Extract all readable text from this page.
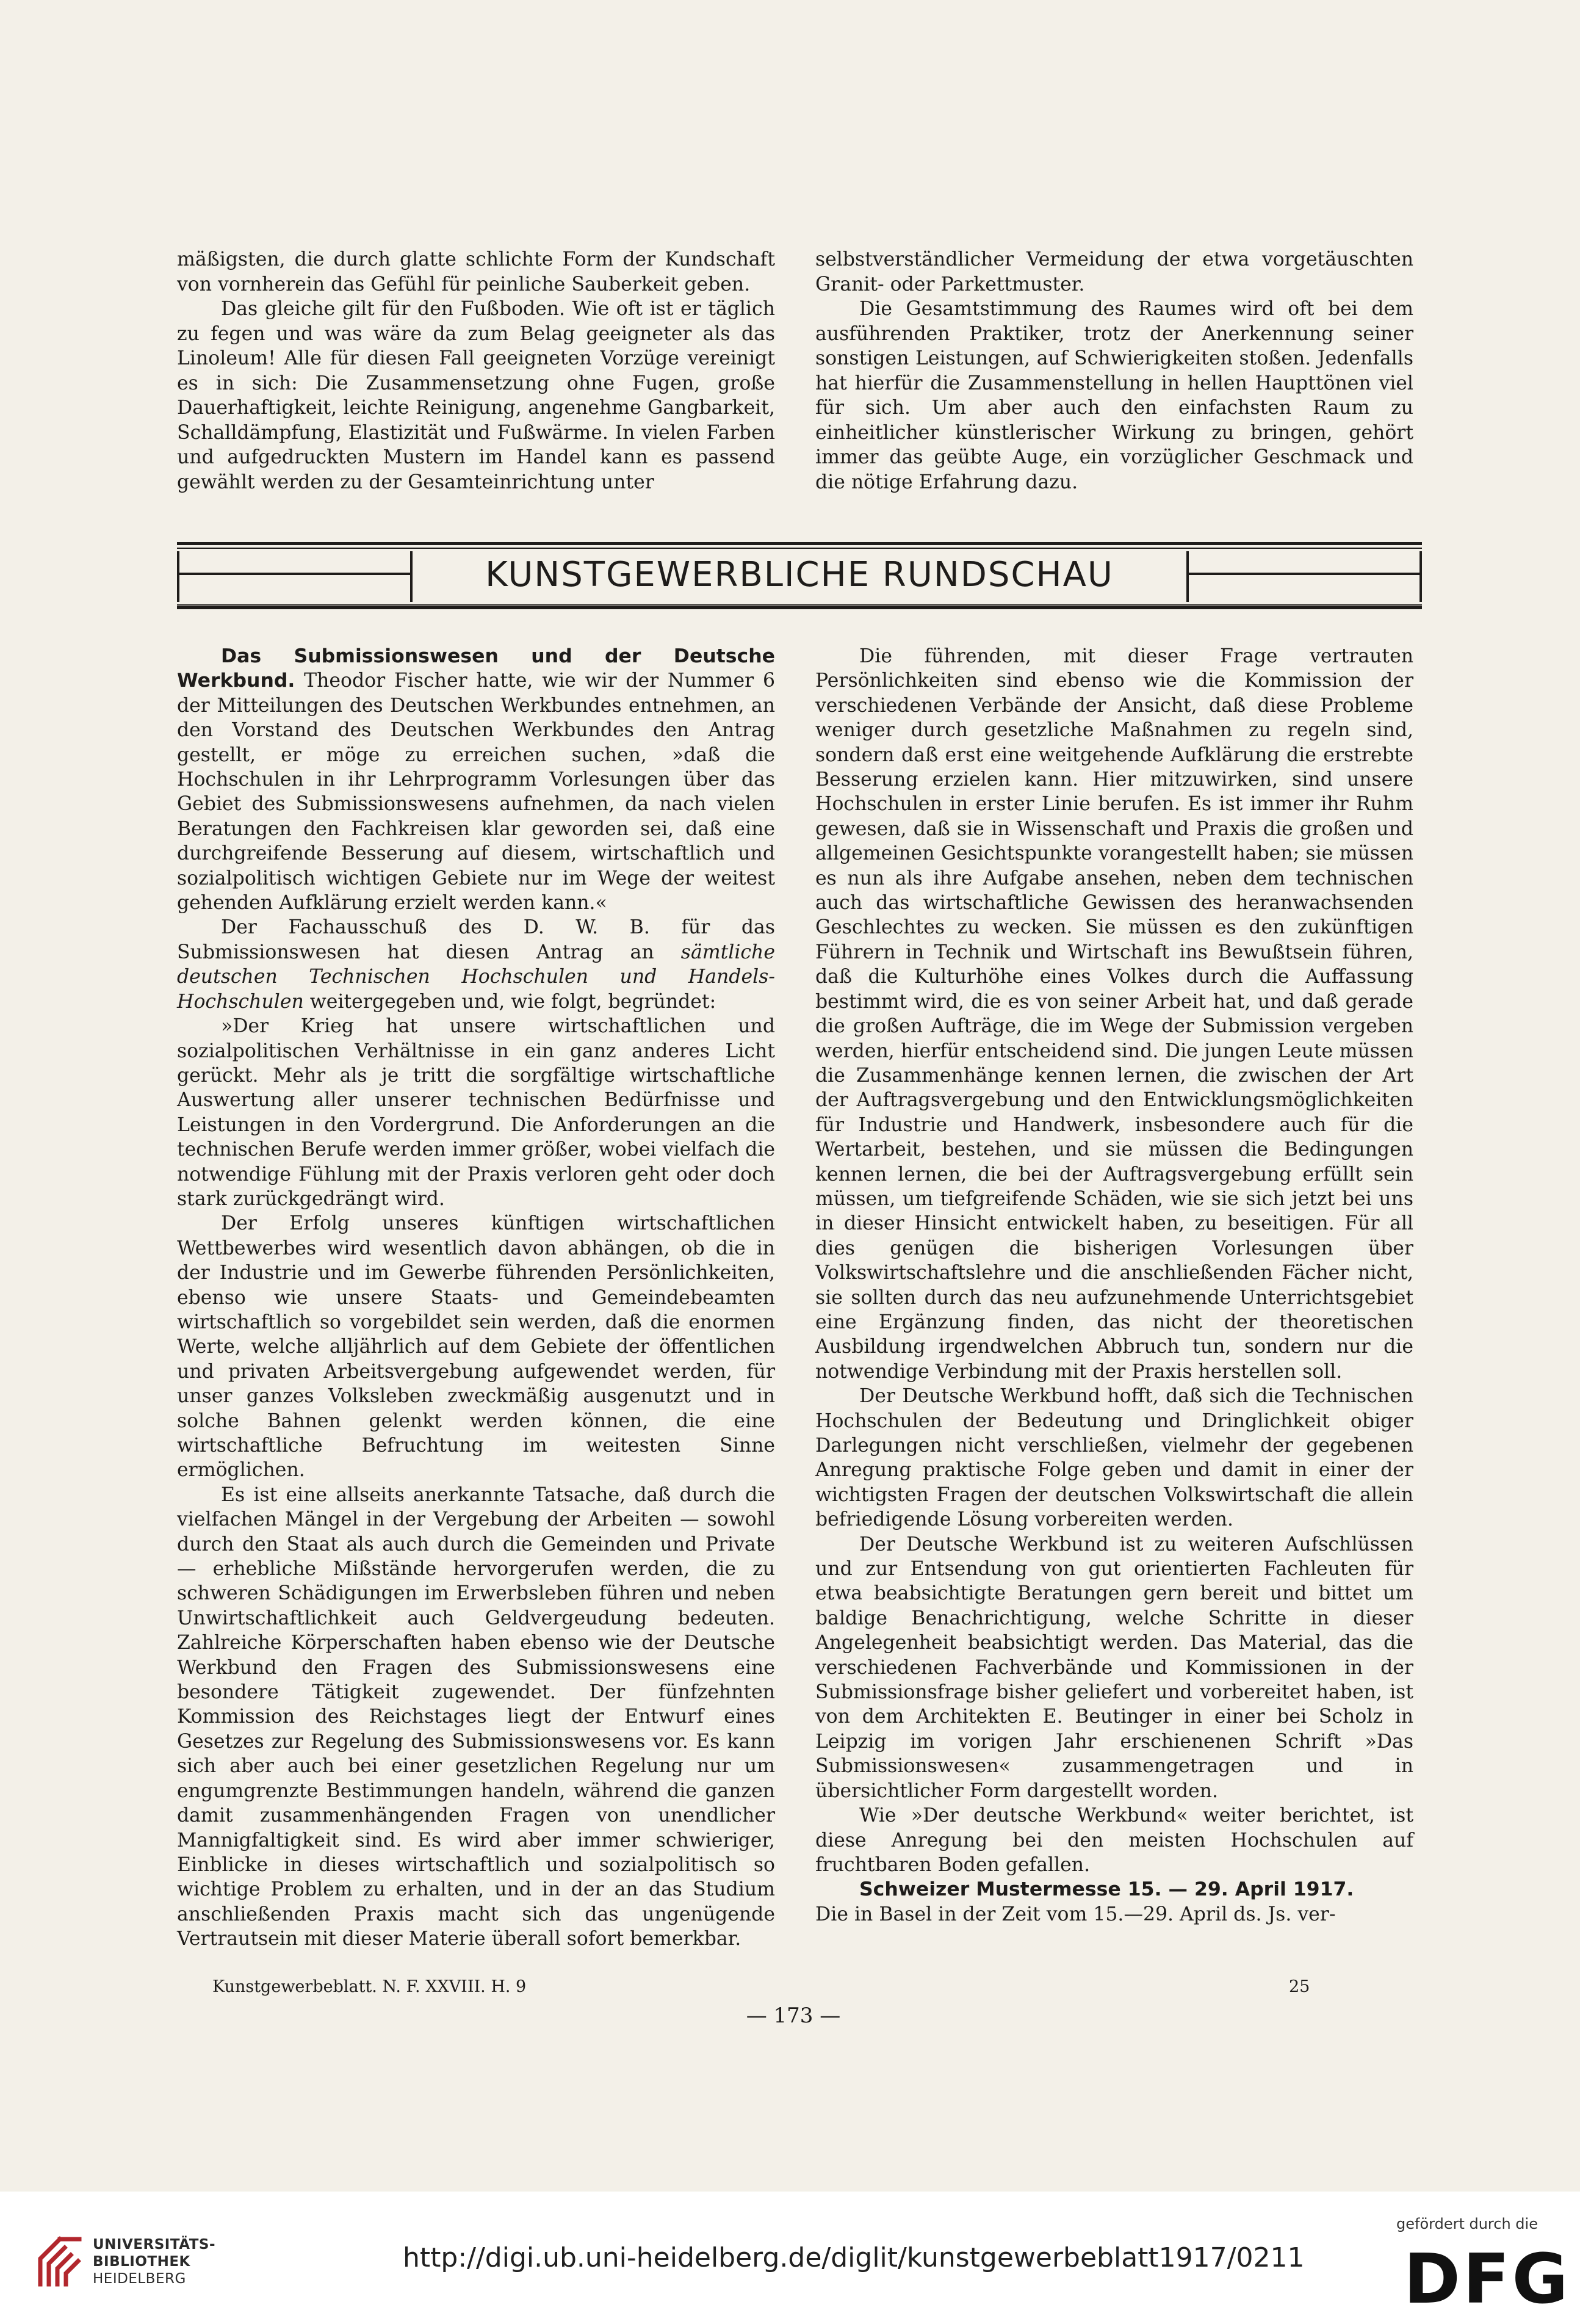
mäßigsten, die durch glatte schlichte Form der Kundschaft von vornherein das Gefühl für peinliche Sauberkeit geben.

Das gleiche gilt für den Fußboden. Wie oft ist er täglich zu fegen und was wäre da zum Belag geeigneter als das Linoleum! Alle für diesen Fall geeigneten Vorzüge vereinigt es in sich: Die Zusammensetzung ohne Fugen, große Dauerhaftigkeit, leichte Reinigung, angenehme Gangbarkeit, Schalldämpfung, Elastizität und Fußwärme. In vielen Farben und aufgedruckten Mustern im Handel kann es passend gewählt werden zu der Gesamteinrichtung unter

selbstverständlicher Vermeidung der etwa vorgetäuschten Granit- oder Parkettmuster.

Die Gesamtstimmung des Raumes wird oft bei dem ausführenden Praktiker, trotz der Anerkennung seiner sonstigen Leistungen, auf Schwierigkeiten stoßen. Jedenfalls hat hierfür die Zusammenstellung in hellen Haupttönen viel für sich. Um aber auch den einfachsten Raum zu einheitlicher künstlerischer Wirkung zu bringen, gehört immer das geübte Auge, ein vorzüglicher Geschmack und die nötige Erfahrung dazu.

KUNSTGEWERBLICHE RUNDSCHAU

Das Submissionswesen und der Deutsche Werkbund. Theodor Fischer hatte, wie wir der Nummer 6 der Mitteilungen des Deutschen Werkbundes entnehmen, an den Vorstand des Deutschen Werkbundes den Antrag gestellt, er möge zu erreichen suchen, »daß die Hochschulen in ihr Lehrprogramm Vorlesungen über das Gebiet des Submissionswesens aufnehmen, da nach vielen Beratungen den Fachkreisen klar geworden sei, daß eine durchgreifende Besserung auf diesem, wirtschaftlich und sozialpolitisch wichtigen Gebiete nur im Wege der weitest gehenden Aufklärung erzielt werden kann.«

Der Fachausschuß des D. W. B. für das Submissionswesen hat diesen Antrag an sämtliche deutschen Technischen Hochschulen und Handels-Hochschulen weitergegeben und, wie folgt, begründet:

»Der Krieg hat unsere wirtschaftlichen und sozialpolitischen Verhältnisse in ein ganz anderes Licht gerückt. Mehr als je tritt die sorgfältige wirtschaftliche Auswertung aller unserer technischen Bedürfnisse und Leistungen in den Vordergrund. Die Anforderungen an die technischen Berufe werden immer größer, wobei vielfach die notwendige Fühlung mit der Praxis verloren geht oder doch stark zurückgedrängt wird.

Der Erfolg unseres künftigen wirtschaftlichen Wettbewerbes wird wesentlich davon abhängen, ob die in der Industrie und im Gewerbe führenden Persönlichkeiten, ebenso wie unsere Staats- und Gemeindebeamten wirtschaftlich so vorgebildet sein werden, daß die enormen Werte, welche alljährlich auf dem Gebiete der öffentlichen und privaten Arbeitsvergebung aufgewendet werden, für unser ganzes Volksleben zweckmäßig ausgenutzt und in solche Bahnen gelenkt werden können, die eine wirtschaftliche Befruchtung im weitesten Sinne ermöglichen.

Es ist eine allseits anerkannte Tatsache, daß durch die vielfachen Mängel in der Vergebung der Arbeiten — sowohl durch den Staat als auch durch die Gemeinden und Private — erhebliche Mißstände hervorgerufen werden, die zu schweren Schädigungen im Erwerbsleben führen und neben Unwirtschaftlichkeit auch Geldvergeudung bedeuten. Zahlreiche Körperschaften haben ebenso wie der Deutsche Werkbund den Fragen des Submissionswesens eine besondere Tätigkeit zugewendet. Der fünfzehnten Kommission des Reichstages liegt der Entwurf eines Gesetzes zur Regelung des Submissionswesens vor. Es kann sich aber auch bei einer gesetzlichen Regelung nur um engumgrenzte Bestimmungen handeln, während die ganzen damit zusammenhängenden Fragen von unendlicher Mannigfaltigkeit sind. Es wird aber immer schwieriger, Einblicke in dieses wirtschaftlich und sozialpolitisch so wichtige Problem zu erhalten, und in der an das Studium anschließenden Praxis macht sich das ungenügende Vertrautsein mit dieser Materie überall sofort bemerkbar.

Die führenden, mit dieser Frage vertrauten Persönlichkeiten sind ebenso wie die Kommission der verschiedenen Verbände der Ansicht, daß diese Probleme weniger durch gesetzliche Maßnahmen zu regeln sind, sondern daß erst eine weitgehende Aufklärung die erstrebte Besserung erzielen kann. Hier mitzuwirken, sind unsere Hochschulen in erster Linie berufen. Es ist immer ihr Ruhm gewesen, daß sie in Wissenschaft und Praxis die großen und allgemeinen Gesichtspunkte vorangestellt haben; sie müssen es nun als ihre Aufgabe ansehen, neben dem technischen auch das wirtschaftliche Gewissen des heranwachsenden Geschlechtes zu wecken. Sie müssen es den zukünftigen Führern in Technik und Wirtschaft ins Bewußtsein führen, daß die Kulturhöhe eines Volkes durch die Auffassung bestimmt wird, die es von seiner Arbeit hat, und daß gerade die großen Aufträge, die im Wege der Submission vergeben werden, hierfür entscheidend sind. Die jungen Leute müssen die Zusammenhänge kennen lernen, die zwischen der Art der Auftragsvergebung und den Entwicklungsmöglichkeiten für Industrie und Handwerk, insbesondere auch für die Wertarbeit, bestehen, und sie müssen die Bedingungen kennen lernen, die bei der Auftragsvergebung erfüllt sein müssen, um tiefgreifende Schäden, wie sie sich jetzt bei uns in dieser Hinsicht entwickelt haben, zu beseitigen. Für all dies genügen die bisherigen Vorlesungen über Volkswirtschaftslehre und die anschließenden Fächer nicht, sie sollten durch das neu aufzunehmende Unterrichtsgebiet eine Ergänzung finden, das nicht der theoretischen Ausbildung irgendwelchen Abbruch tun, sondern nur die notwendige Verbindung mit der Praxis herstellen soll.

Der Deutsche Werkbund hofft, daß sich die Technischen Hochschulen der Bedeutung und Dringlichkeit obiger Darlegungen nicht verschließen, vielmehr der gegebenen Anregung praktische Folge geben und damit in einer der wichtigsten Fragen der deutschen Volkswirtschaft die allein befriedigende Lösung vorbereiten werden.

Der Deutsche Werkbund ist zu weiteren Aufschlüssen und zur Entsendung von gut orientierten Fachleuten für etwa beabsichtigte Beratungen gern bereit und bittet um baldige Benachrichtigung, welche Schritte in dieser Angelegenheit beabsichtigt werden. Das Material, das die verschiedenen Fachverbände und Kommissionen in der Submissionsfrage bisher geliefert und vorbereitet haben, ist von dem Architekten E. Beutinger in einer bei Scholz in Leipzig im vorigen Jahr erschienenen Schrift »Das Submissionswesen« zusammengetragen und in übersichtlicher Form dargestellt worden.

Wie »Der deutsche Werkbund« weiter berichtet, ist diese Anregung bei den meisten Hochschulen auf fruchtbaren Boden gefallen.

Schweizer Mustermesse 15. — 29. April 1917.

Die in Basel in der Zeit vom 15.—29. April ds. Js. ver-

Kunstgewerbeblatt. N. F. XXVIII. H. 9	25
— 173 —
UNIVERSITÄTS-
BIBLIOTHEK
HEIDELBERG
http://digi.ub.uni-heidelberg.de/diglit/kunstgewerbeblatt1917/0211
gefördert durch die
DFG
